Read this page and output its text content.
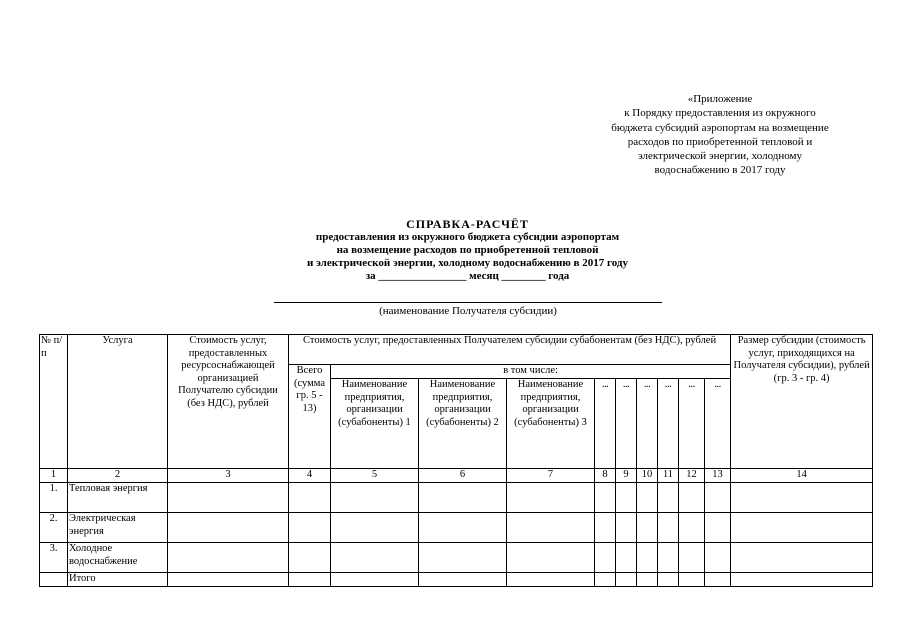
«Приложение
к Порядку предоставления из окружного
бюджета субсидий аэропортам на возмещение
расходов по приобретенной тепловой и
электрической энергии, холодному
водоснабжению в 2017 году
СПРАВКА-РАСЧЁТ
предоставления из окружного бюджета субсидии аэропортам
на возмещение расходов по приобретенной тепловой
и электрической энергии, холодному водоснабжению в 2017 году
за ________________ месяц ________ года
(наименование Получателя субсидии)
№ п/п	Услуга	Стоимость услуг, предоставленных ресурсоснабжающей организацией Получателю субсидии (без НДС), рублей	Стоимость услуг, предоставленных Получателем субсидии субабонентам (без НДС), рублей										Размер субсидии (стоимость услуг, приходящихся на Получателя субсидии), рублей (гр. 3 - гр. 4)
			Всего (сумма гр. 5 - 13)	в том числе:									
				Наименование предприятия, организации (субабоненты) 1	Наименование предприятия, организации (субабоненты) 2	Наименование предприятия, организации (субабоненты) 3	...	...	...	...	...	...	
1	2	3	4	5	6	7	8	9	10	11	12	13	14
1.	Тепловая энергия												
2.	Электрическая энергия												
3.	Холодное водоснабжение												
	Итого												
